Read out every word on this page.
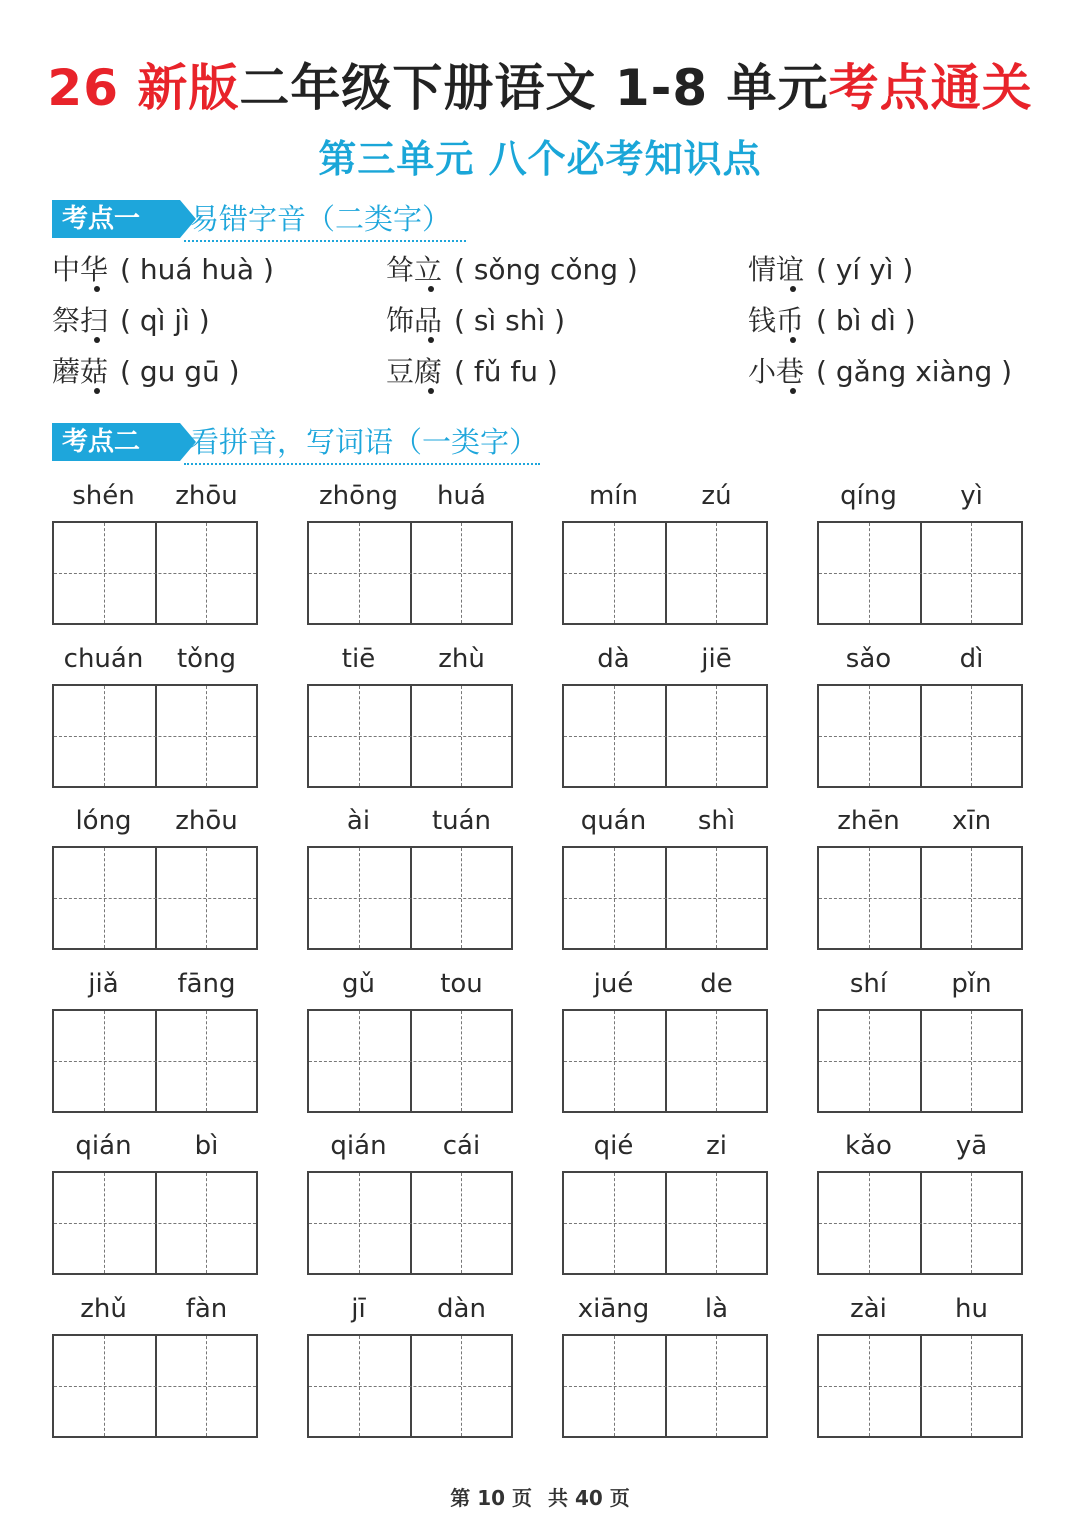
26 新版二年级下册语文 1-8 单元考点通关
第三单元 八个必考知识点
考点一	易错字音（二类字）
考点二	看拼音，写词语（一类字）
第 10 页 共 40 页
中华 ( huá huà )	耸立 ( sǒng cǒng )	情谊 ( yí yì )
祭扫 ( qì jì )	饰品 ( sì shì )	钱币 ( bì dì )
蘑菇 ( gu gū )	豆腐 ( fǔ fu )	小巷 ( gǎng xiàng )
shén	zhōu	zhōng	huá	mín	zú	qíng	yì
chuán	tǒng	tiē	zhù	dà	jiē	sǎo	dì
lóng	zhōu	ài	tuán	quán	shì	zhēn	xīn
jiǎ	fāng	gǔ	tou	jué	de	shí	pǐn
qián	bì	qián	cái	qié	zi	kǎo	yā
zhǔ	fàn	jī	dàn	xiāng	là	zài	hu
